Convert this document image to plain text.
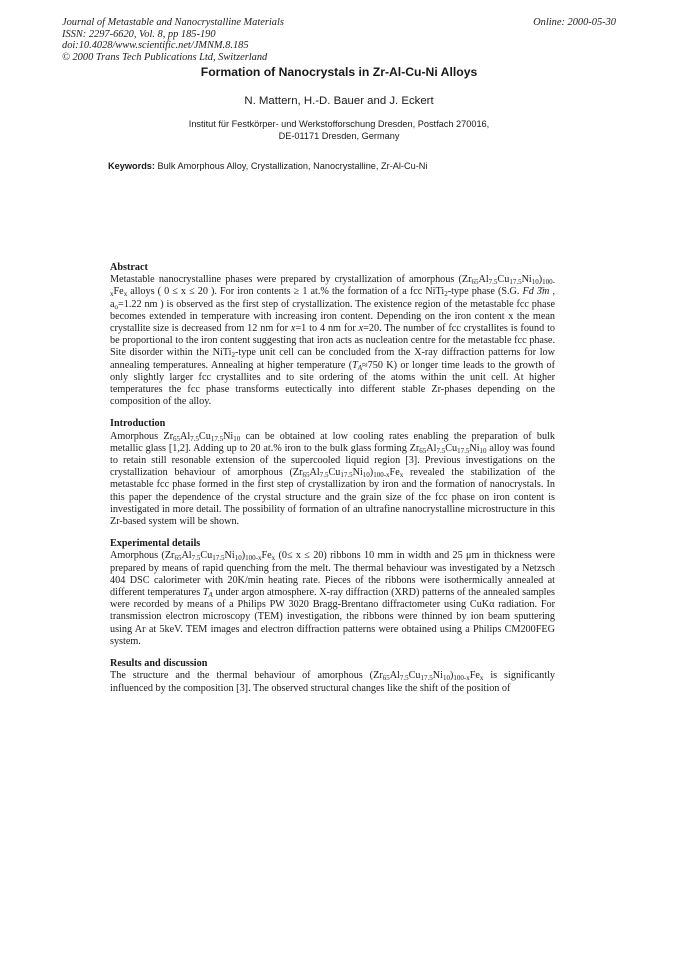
Journal of Metastable and Nanocrystalline Materials
ISSN: 2297-6620, Vol. 8, pp 185-190
doi:10.4028/www.scientific.net/JMNM.8.185
© 2000 Trans Tech Publications Ltd, Switzerland
Online: 2000-05-30
Formation of Nanocrystals in Zr-Al-Cu-Ni Alloys
N. Mattern, H.-D. Bauer and J. Eckert
Institut für Festkörper- und Werkstofforschung Dresden, Postfach 270016,
DE-01171 Dresden, Germany
Keywords: Bulk Amorphous Alloy, Crystallization, Nanocrystalline, Zr-Al-Cu-Ni

Abstract

Metastable nanocrystalline phases were prepared by crystallization of amorphous $(Zr_{65}Al_{7.5}Cu_{17.5}Ni_{10})_{100-x}Fe_x$ alloys ( 0 ≤ x ≤ 20 ). For iron contents ≥ 1 at.% the formation of a fcc NiTi$_2$-type phase (S.G. Fd 3̄m , $a_o=1.22$ nm ) is observed as the first step of crystallization. The existence region of the metastable fcc phase becomes extended in temperature with increasing iron content. Depending on the iron content x the mean crystallite size is decreased from 12 nm for x=1 to 4 nm for x=20. The number of fcc crystallites is found to be proportional to the iron content suggesting that iron acts as nucleation centre for the metastable fcc phase. Site disorder within the NiTi$_2$-type unit cell can be concluded from the X-ray diffraction patterns for low annealing temperatures. Annealing at higher temperature ($T_A\approx 750$ K) or longer time leads to the growth of only slightly larger fcc crystallites and to site ordering of the atoms within the unit cell. At higher temperatures the fcc phase transforms eutectically into different stable Zr-phases depending on the composition of the alloy.

Introduction

Amorphous $Zr_{65}Al_{7.5}Cu_{17.5}Ni_{10}$ can be obtained at low cooling rates enabling the preparation of bulk metallic glass [1,2]. Adding up to 20 at.% iron to the bulk glass forming $Zr_{65}Al_{7.5}Cu_{17.5}Ni_{10}$ alloy was found to retain still resonable extension of the supercooled liquid region [3]. Previous investigations on the crystallization behaviour of amorphous $(Zr_{65}Al_{7.5}Cu_{17.5}Ni_{10})_{100-x}Fe_x$ revealed the stabilization of the metastable fcc phase formed in the first step of crystallization by iron and the formation of nanocrystals. In this paper the dependence of the crystal structure and the grain size of the fcc phase on iron content is investigated in more detail. The possibility of formation of an ultrafine nanocrystalline microstructure in this Zr-based system will be shown.

Experimental details

Amorphous $(Zr_{65}Al_{7.5}Cu_{17.5}Ni_{10})_{100-x}Fe_x$ (0≤ x ≤ 20) ribbons 10 mm in width and 25 μm in thickness were prepared by means of rapid quenching from the melt. The thermal behaviour was investigated by a Netzsch 404 DSC calorimeter with 20K/min heating rate. Pieces of the ribbons were isothermically annealed at different temperatures $T_A$ under argon atmosphere. X-ray diffraction (XRD) patterns of the annealed samples were recorded by means of a Philips PW 3020 Bragg-Brentano diffractometer using CuKα radiation. For transmission electron microscopy (TEM) investigation, the ribbons were thinned by ion beam sputtering using Ar at 5keV. TEM images and electron diffraction patterns were obtained using a Philips CM200FEG system.

Results and discussion

The structure and the thermal behaviour of amorphous $(Zr_{65}Al_{7.5}Cu_{17.5}Ni_{10})_{100-x}Fe_x$ is significantly influenced by the composition [3]. The observed structural changes like the shift of the position of
